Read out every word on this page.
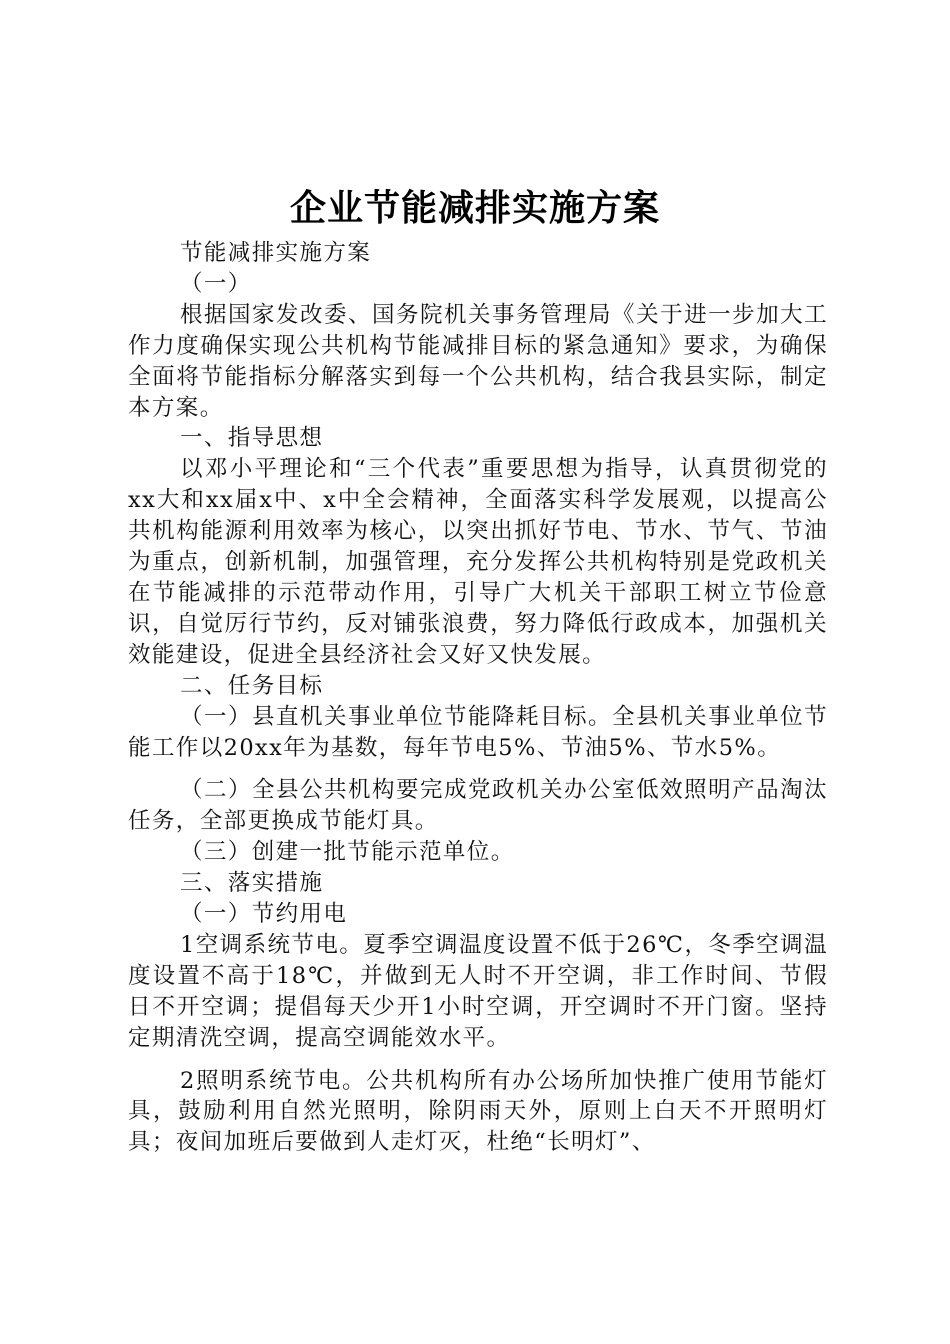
企业节能减排实施方案

节能减排实施方案

（一）

根据国家发改委、国务院机关事务管理局《关于进一步加大工作力度确保实现公共机构节能减排目标的紧急通知》要求，为确保全面将节能指标分解落实到每一个公共机构，结合我县实际，制定本方案。

一、指导思想

以邓小平理论和“三个代表”重要思想为指导，认真贯彻党的xx大和xx届x中、x中全会精神，全面落实科学发展观，以提高公共机构能源利用效率为核心，以突出抓好节电、节水、节气、节油为重点，创新机制，加强管理，充分发挥公共机构特别是党政机关在节能减排的示范带动作用，引导广大机关干部职工树立节俭意识，自觉厉行节约，反对铺张浪费，努力降低行政成本，加强机关效能建设，促进全县经济社会又好又快发展。

二、任务目标

（一）县直机关事业单位节能降耗目标。全县机关事业单位节能工作以20xx年为基数，每年节电5%、节油5%、节水5%。

（二）全县公共机构要完成党政机关办公室低效照明产品淘汰任务，全部更换成节能灯具。

（三）创建一批节能示范单位。

三、落实措施

（一）节约用电

1空调系统节电。夏季空调温度设置不低于26℃，冬季空调温度设置不高于18℃，并做到无人时不开空调，非工作时间、节假日不开空调；提倡每天少开1小时空调，开空调时不开门窗。坚持定期清洗空调，提高空调能效水平。

2照明系统节电。公共机构所有办公场所加快推广使用节能灯具，鼓励利用自然光照明，除阴雨天外，原则上白天不开照明灯具；夜间加班后要做到人走灯灭，杜绝“长明灯”、
